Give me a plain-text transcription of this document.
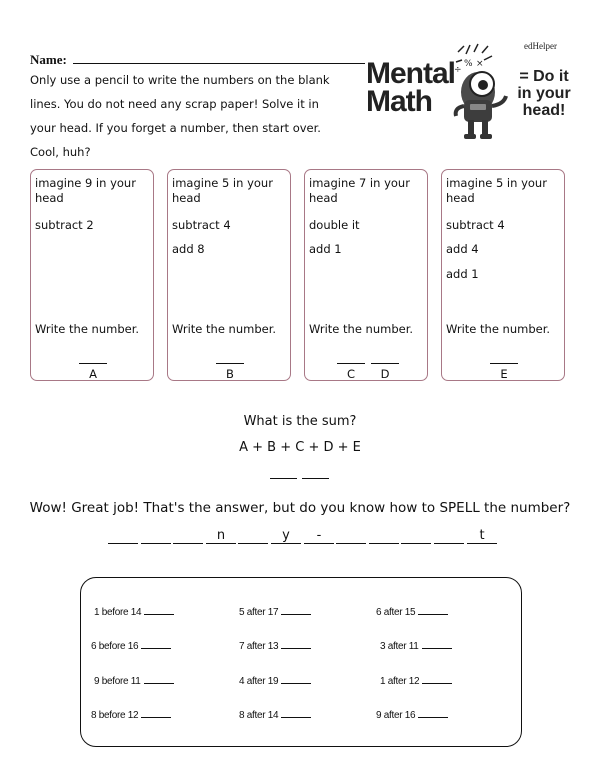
Name:
Only use a pencil to write the numbers on the blank lines. You do not need any scrap paper! Solve it in your head. If you forget a number, then start over. Cool, huh?
edHelper
Mental
Math
÷
% ×
= Do it
in your
head!
imagine 9 in your head
subtract 2
Write the number.
A
imagine 5 in your head
subtract 4
add 8
Write the number.
B
imagine 7 in your head
double it
add 1
Write the number.
C	D
imagine 5 in your head
subtract 4
add 4
add 1
Write the number.
E
What is the sum?
A + B + C + D + E
Wow! Great job! That's the answer, but do you know how to SPELL the number?
n	y	-	t
1 before 14	5 after 17	6 after 15
6 before 16	7 after 13	3 after 11
9 before 11	4 after 19	1 after 12
8 before 12	8 after 14	9 after 16
